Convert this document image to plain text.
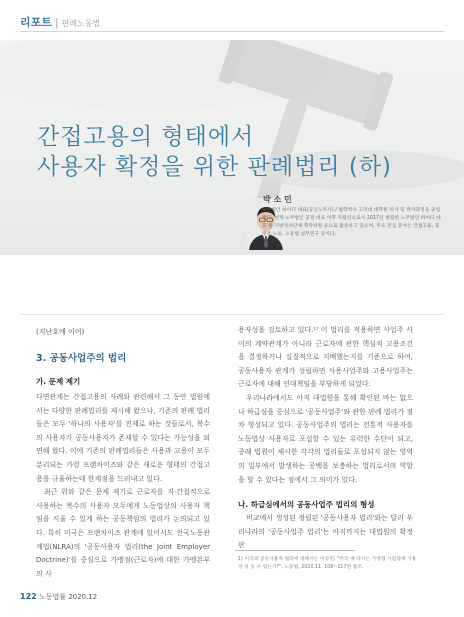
리포트 | 판례노동법
간접고용의 형태에서
사용자 확정을 위한 판례법리 (하)
박 소 민
노무법인 하이디 대표(공인노무사) / 법학박사 고려대 대학원 석사 및 박사과정을 졸업했다. 현재 노무법인 공정 대표 이후 자립인으로서 2017년 창립한 노무법인 하이디 대표 및 지방자치단체 촉탁위원 등으로 활동하고 있으며, 주요 관심 분야는 간접고용, 플랫폼 노동, 노동법 실무연구 등이다.
(지난호에 이어)
3. 공동사업주의 법리
가. 문제 제기
다면관계는 간접고용의 사례와 관련해서 그 동안 법원에서는 다양한 판례법리를 제시해 왔으나, 기존의 판례 법리들은 모두 '하나의 사용자'를 전제로 하는 것들로서, 복수의 사용자가 공동사용자가 존재할 수 있다는 가능성을 외면해 왔다. 이에 기존의 판례법리들은 사용과 고용이 모두 분리되는 가령 프랜차이즈와 같은 새로운 형태의 간접고용을 규율하는데 한계점을 드러내고 있다.
최근 위와 같은 문제 제기로 근로자를 직·간접적으로 사용하는 복수의 사용자 모두에게 노동법상의 사용자 책임을 지울 수 있게 하는 공동책임의 법리가 논의되고 있다. 특히 미국은 프랜차이즈 관계에 있어서도 전국노동관계법(NLRA)의 '공동사용자 법리(the Joint Employer Doctrine)'를 중심으로 가맹점(근로자)에 대한 가맹본부의 사
용자성을 검토하고 있다.¹⁾ 이 법리를 적용하면 사업주 사이의 계약관계가 아니라 근로자에 관한 핵심적 고용조건을 결정하거나 실질적으로 지배했는지를 기준으로 하여, 공동사용자 관계가 성립하면 사용사업주와 고용사업주는 근로자에 대해 연대책임을 부담하게 되었다.
우리나라에서도 아직 대법원을 통해 확인된 바는 없으나 하급심을 중심으로 '공동사업주'와 관한 판례 법리가 점차 형성되고 있다. 공동사업주의 법리는 전통적 사용자를 노동법상 사용자로 포섭할 수 있는 유력한 수단이 되고, 종래 법원이 제시한 각각의 법리들로 포섭되지 않는 영역의 일부에서 발생하는 공백을 보충하는 법리로서의 역할을 할 수 있다는 점에서 그 의미가 있다.
나. 하급심에서의 공동사업주 법리의 형성
비교에서 생성된 정립된 '공동사용자 법리'와는 달리 우리나라의 '공동사업주 법리'는 아직까지는 대법원의 확정판
1) 미국의 공동사용자 법리에 대해서는 이승민, "미국 예 다시는 가맹점 사업점에 사용자 성 등 수 있는가?", 노동법, 2020.11. 108~117면 참조.
122 노동법률 2020.12
